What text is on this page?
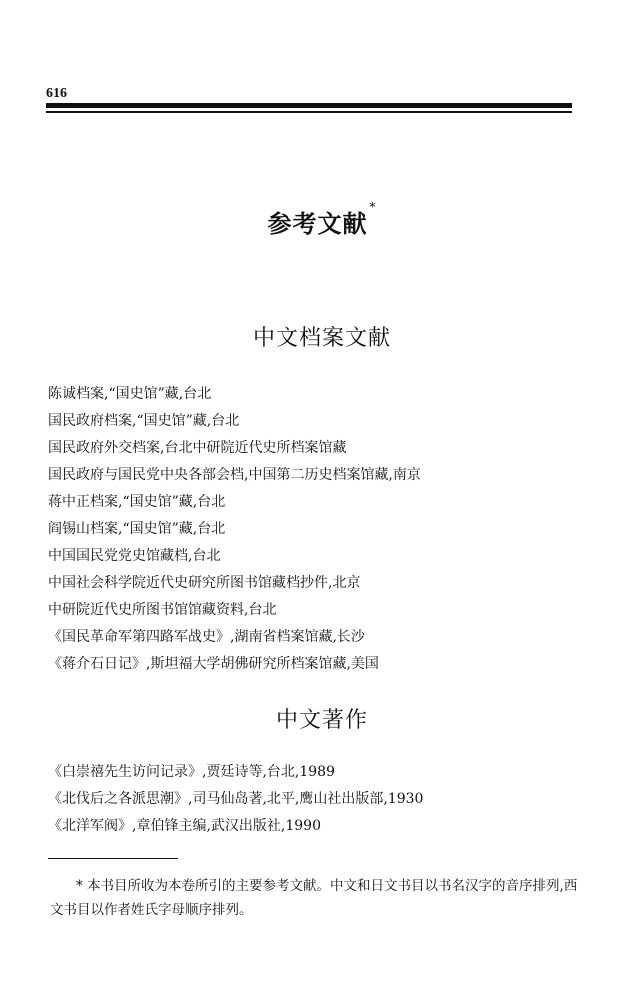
616
参考文献*
中文档案文献
陈诚档案,“国史馆”藏,台北
国民政府档案,“国史馆”藏,台北
国民政府外交档案,台北中研院近代史所档案馆藏
国民政府与国民党中央各部会档,中国第二历史档案馆藏,南京
蒋中正档案,“国史馆”藏,台北
阎锡山档案,“国史馆”藏,台北
中国国民党党史馆藏档,台北
中国社会科学院近代史研究所图书馆藏档抄件,北京
中研院近代史所图书馆馆藏资料,台北
《国民革命军第四路军战史》,湖南省档案馆藏,长沙
《蒋介石日记》,斯坦福大学胡佛研究所档案馆藏,美国
中文著作
《白崇禧先生访问记录》,贾廷诗等,台北,1989
《北伐后之各派思潮》,司马仙岛著,北平,鹰山社出版部,1930
《北洋军阀》,章伯锋主编,武汉出版社,1990
* 本书目所收为本卷所引的主要参考文献。中文和日文书目以书名汉字的音序排列,西文书目以作者姓氏字母顺序排列。
